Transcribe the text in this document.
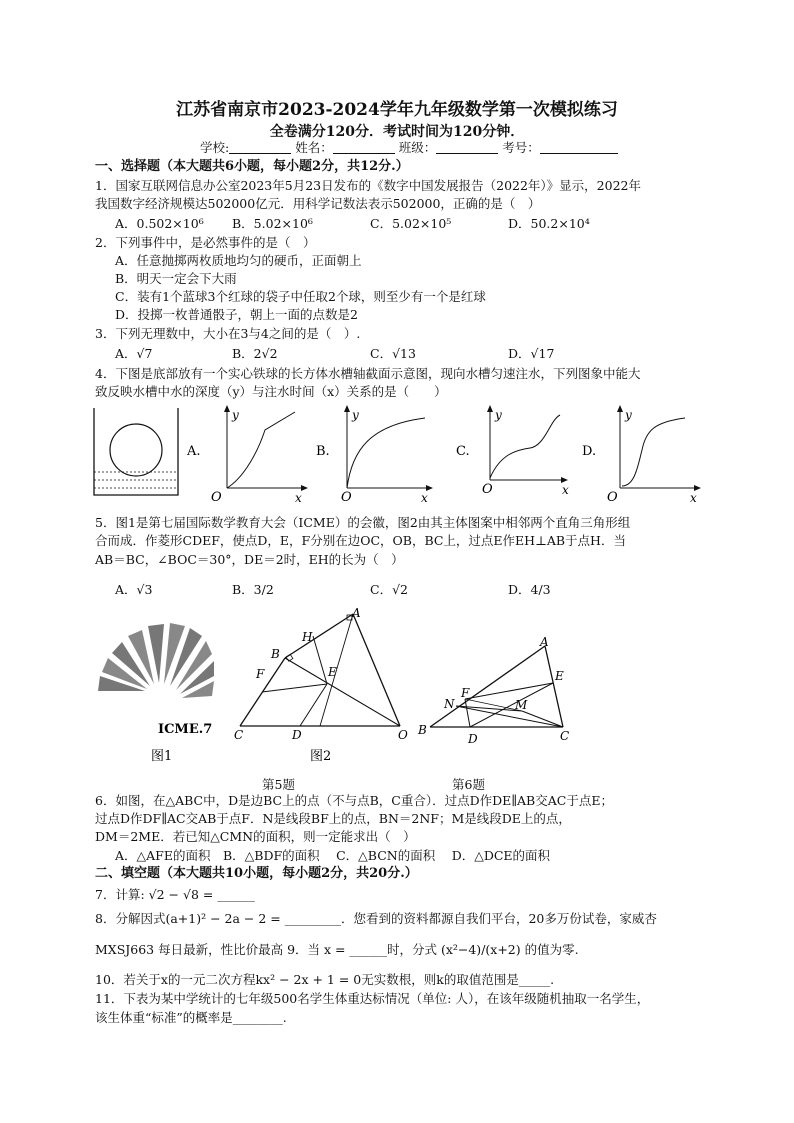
江苏省南京市2023-2024学年九年级数学第一次模拟练习
全卷满分120分．考试时间为120分钟．
学校:	姓名：	班级：	考号：
一、选择题（本大题共6小题，每小题2分，共12分.）
1．国家互联网信息办公室2023年5月23日发布的《数字中国发展报告（2022年）》显示，2022年
我国数字经济规模达502000亿元．用科学记数法表示502000，正确的是（　）
A．0.502×10⁶ B．5.02×10⁶	C．5.02×10⁵	D．50.2×10⁴
2．下列事件中，是必然事件的是（　）
A．任意抛掷两枚质地均匀的硬币，正面朝上
B．明天一定会下大雨
C．装有1个蓝球3个红球的袋子中任取2个球，则至少有一个是红球
D．投掷一枚普通骰子，朝上一面的点数是2
3．下列无理数中，大小在3与4之间的是（　）.
A．√7	B．2√2	C．√13	D．√17
4．下图是底部放有一个实心铁球的长方体水槽轴截面示意图，现向水槽匀速注水，下列图象中能大
致反映水槽中水的深度（y）与注水时间（x）关系的是（　　）
A.
y
x
O
B.
y
x
O
C.
y
x
O
D.
y
x
O
5．图1是第七届国际数学教育大会（ICME）的会徽，图2由其主体图案中相邻两个直角三角形组
合而成．作菱形CDEF，使点D，E，F分别在边OC，OB，BC上，过点E作EH⊥AB于点H．当
AB＝BC，∠BOC＝30°，DE＝2时，EH的长为（　）
A．√3	B．3/2	C．√2	D．4/3
ICME.7
图1
A
H
B
F	E
C	D	O
图2
A
E
N
F
M
B
D	C
第5题	第6题
6．如图，在△ABC中，D是边BC上的点（不与点B，C重合）．过点D作DE∥AB交AC于点E；
过点D作DF∥AC交AB于点F．N是线段BF上的点，BN＝2NF；M是线段DE上的点，
DM＝2ME．若已知△CMN的面积，则一定能求出（　）
A．△AFE的面积　B．△BDF的面积　 C．△BCN的面积　 D．△DCE的面积
二、填空题（本大题共10小题，每小题2分，共20分.）
7．计算: √2 − √8 = ______
8．分解因式(a+1)² − 2a − 2 = _________．您看到的资料都源自我们平台，20多万份试卷，家威杏
MXSJ663 每日最新，性比价最高 9．当 x = ______时，分式 (x²−4)/(x+2) 的值为零.
10．若关于x的一元二次方程kx² − 2x + 1 = 0无实数根，则k的取值范围是_____.
11．下表为某中学统计的七年级500名学生体重达标情况（单位: 人），在该年级随机抽取一名学生，
该生体重“标准”的概率是________.
